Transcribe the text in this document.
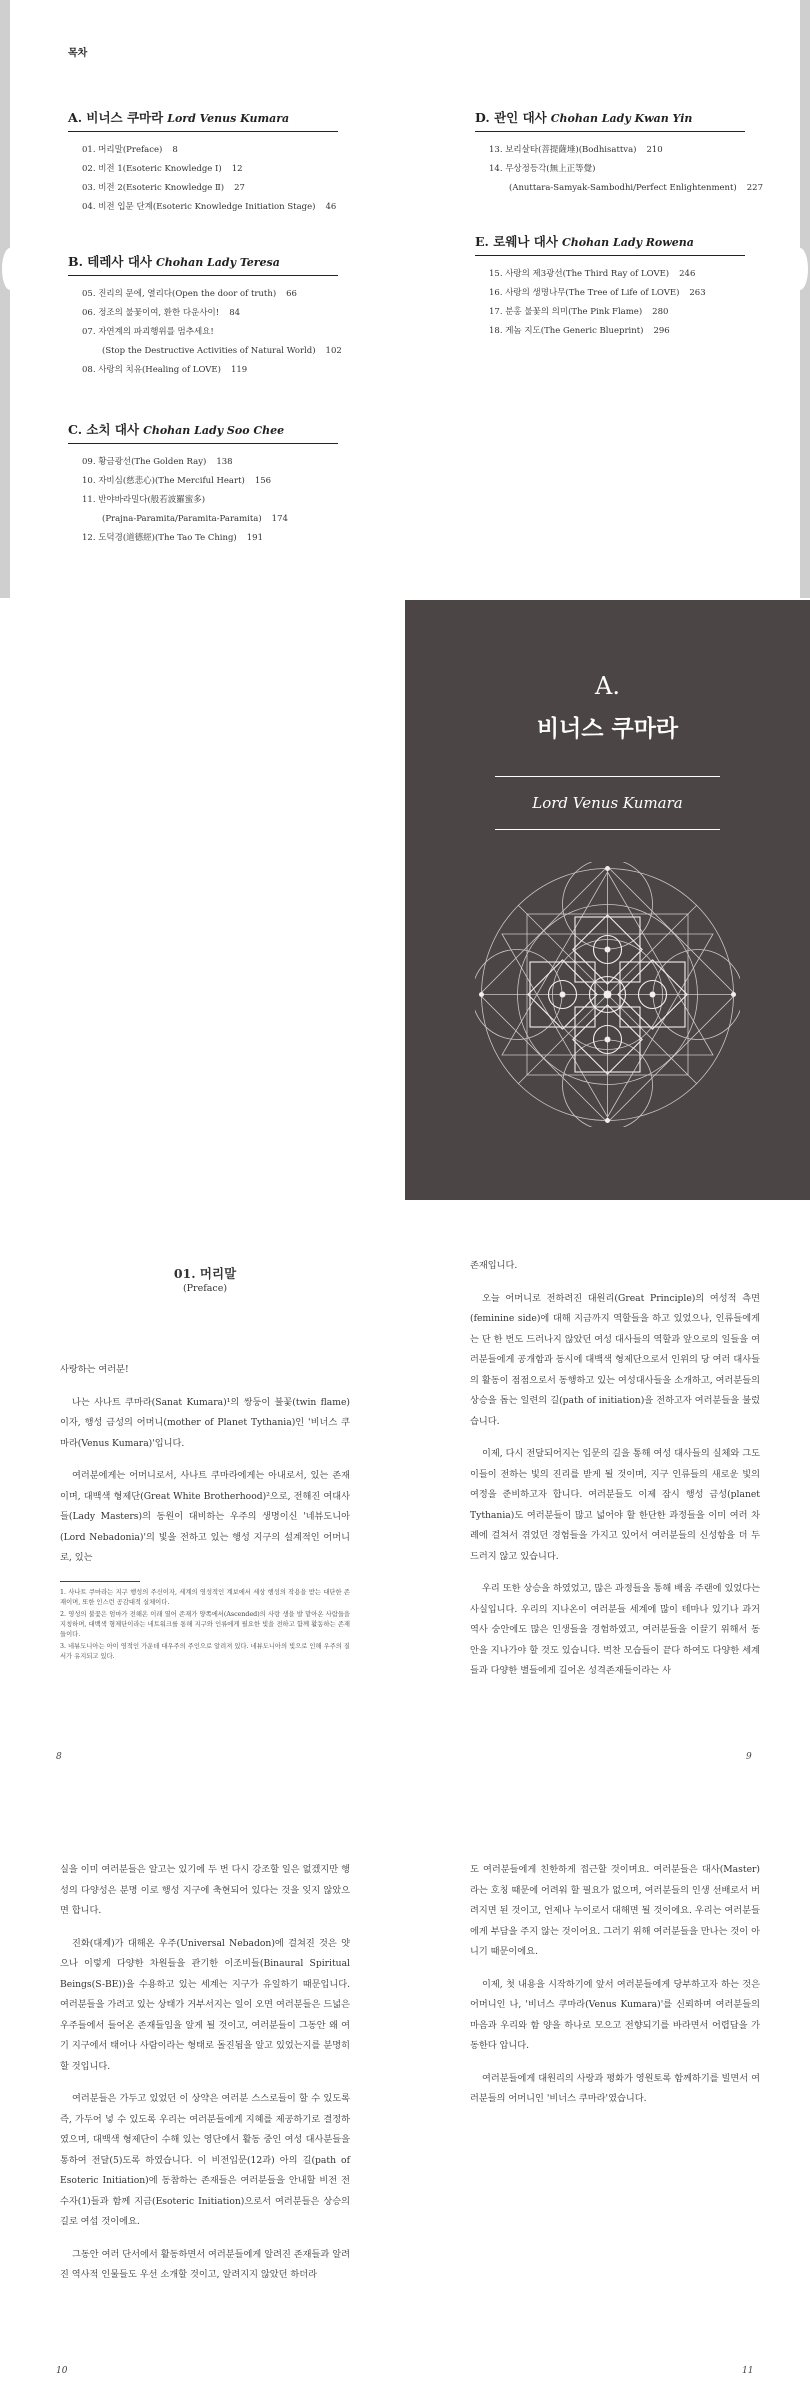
목차
A. 비너스 쿠마라 Lord Venus Kumara
01. 머리말(Preface) 8
02. 비전 1(Esoteric Knowledge Ⅰ) 12
03. 비전 2(Esoteric Knowledge Ⅱ) 27
04. 비전 입문 단계(Esoteric Knowledge Initiation Stage) 46
B. 테레사 대사 Chohan Lady Teresa
05. 진리의 문에, 열리다(Open the door of truth) 66
06. 정조의 불꽃이여, 환한 다운사이! 84
07. 자연계의 파괴행위를 멈추세요!
(Stop the Destructive Activities of Natural World) 102
08. 사랑의 치유(Healing of LOVE) 119
C. 소치 대사 Chohan Lady Soo Chee
09. 황금광선(The Golden Ray) 138
10. 자비심(慈悲心)(The Merciful Heart) 156
11. 반야바라밀다(般若波羅蜜多)
(Prajna-Paramita/Paramita-Paramita) 174
12. 도덕경(道德經)(The Tao Te Ching) 191
D. 관인 대사 Chohan Lady Kwan Yin
13. 보리살타(菩提薩埵)(Bodhisattva) 210
14. 무상정등각(無上正等覺)
(Anuttara-Samyak-Sambodhi/Perfect Enlightenment) 227
E. 로웨나 대사 Chohan Lady Rowena
15. 사랑의 제3광선(The Third Ray of LOVE) 246
16. 사랑의 생명나무(The Tree of Life of LOVE) 263
17. 분홍 불꽃의 의미(The Pink Flame) 280
18. 게놈 지도(The Generic Blueprint) 296
A.
비너스 쿠마라
Lord Venus Kumara
01. 머리말
(Preface)

사랑하는 여러분!

나는 사나트 쿠마라(Sanat Kumara)¹의 쌍둥이 불꽃(twin flame)이자, 행성 금성의 어머니(mother of Planet Tythania)인 '비너스 쿠마라(Venus Kumara)'입니다.

여러분에게는 어머니로서, 사나트 쿠마라에게는 아내로서, 있는 존재이며, 대백색 형제단(Great White Brotherhood)²으로, 전해진 여대사들(Lady Masters)의 동원이 대비하는 우주의 생명이신 '네뷰도니아(Lord Nebadonia)'의 빛을 전하고 있는 행성 지구의 설계적인 어머니로, 있는

1. 사나트 쿠마라는 지구 행성의 주신이자, 세계의 영성적인 계보에서 세상 행성의 작용을 받는 대단한 존재이며, 또한 인스런 공감대적 실체이다.
2. 영성의 불꽃은 엄마가 전해온 이래 열어 존재가 양쪽에서(Ascended)의 사랑 생을 발 맡아온 사람들을 지칭하며, 대백색 형제단이라는 네트워크를 통해 지구와 인류에게 필요한 빛을 전하고 함께 활동하는 존재들이다.
3. 네뷰도니아는 아이 영적인 가운데 대우주의 주인으로 알려져 있다. 네뷰도니아의 빛으로 인해 우주의 질서가 유지되고 있다.
8

존재입니다.

오늘 어머니로 전하려진 대원리(Great Principle)의 여성적 측면(feminine side)에 대해 지금까지 역할들을 하고 있었으나, 인류들에게는 단 한 번도 드러나지 않았던 여성 대사들의 역할과 앞으로의 일들을 여러분들에게 공개함과 동시에 대백색 형제단으로서 인위의 당 여러 대사들의 활동이 점점으로서 동행하고 있는 여성대사들을 소개하고, 여러분들의 상승을 돕는 일련의 길(path of initiation)을 전하고자 여러분들을 불렀습니다.

이제, 다시 전달되어지는 입문의 길을 통해 여성 대사들의 실체와 그도 이들이 전하는 빛의 진리를 받게 될 것이며, 지구 인류들의 새로운 빛의 여정을 준비하고자 합니다. 여러분들도 이제 잠시 행성 금성(planet Tythania)도 여러분들이 많고 넓어야 할 한단한 과정들을 이미 여러 차례에 걸쳐서 겪었던 경험들을 가지고 있어서 여러분들의 신성함을 더 두드러지 않고 있습니다.

우리 또한 상승을 하였었고, 많은 과정들을 통해 배움 주랜에 있었다는 사실입니다. 우리의 지나온이 여러분들 세계에 많이 테마나 있기나 과거 역사 숭안에도 많은 인생들을 경험하였고, 여러분들을 이끌기 위해서 동안을 지나가야 할 것도 있습니다. 벅찬 모습들이 끝다 하여도 다양한 세계들과 다양한 별들에게 길어온 성격존재들이라는 사

9

실을 이미 여러분들은 알고는 있기에 두 번 다시 강조할 일은 없겠지만 행성의 다양성은 분명 이로 행성 지구에 축현되어 있다는 것을 잊지 않았으면 합니다.

진화(대계)가 대해온 우주(Universal Nebadon)에 걸쳐진 것은 얏으나 이렇게 다양한 차원들을 관기한 이조비들(Binaural Spiritual Beings(S-BE))을 수용하고 있는 세계는 지구가 유일하기 때문입니다. 여러분들을 가려고 있는 상태가 거부서지는 일이 오면 여러분들은 드넓은 우주들에서 들어온 존재들임을 알게 될 것이고, 여러분들이 그동안 왜 여기 지구에서 태어나 사람이라는 형태로 돌진됨을 알고 있었는지를 분명히 할 것입니다.

여러분들은 가두고 있었던 이 상약은 여러분 스스로들이 할 수 있도록 즉, 가두어 넣 수 있도록 우리는 여러분들에게 지혜를 제공하기로 결정하였으며, 대백색 형제단이 수해 있는 영단에서 활동 중인 여성 대사분들을 통하여 전달(5)도록 하였습니다. 이 비전입문(12과) 아의 길(path of Esoteric Initiation)에 동참하는 존재들은 여러분들을 안내할 비전 전수자(1)들과 함께 지금(Esoteric Initiation)으로서 여러분들은 상승의 길로 여섭 것이에요.

그동안 여러 단서에서 활동하면서 여러분들에게 알려진 존재들과 알려진 역사적 인물들도 우선 소개할 것이고, 알려지지 않았던 하더라

10

도 여러분들에게 친한하게 접근할 것이며요. 여러분들은 대사(Master)라는 호칭 때문에 어려워 할 필요가 없으며, 여러분들의 인생 선배로서 버려지면 된 것이고, 언제나 누이로서 대해면 될 것이에요. 우리는 여러분들에게 부담을 주지 않는 것이어요. 그러기 위해 여러분들을 만나는 것이 아니기 때문이에요.

이제, 첫 내용을 시작하기에 앞서 여러분들에게 당부하고자 하는 것은 어머니인 나, '비너스 쿠마라(Venus Kumara)'를 신뢰하며 여러분들의 마음과 우리와 함 양을 하나로 모으고 전향되기를 바라면서 어렵답을 가동한다 압니다.

여러분들에게 대원리의 사랑과 평화가 영원토록 함께하기를 빌면서 여러분들의 어머니인 '비너스 쿠마라'였습니다.

11
